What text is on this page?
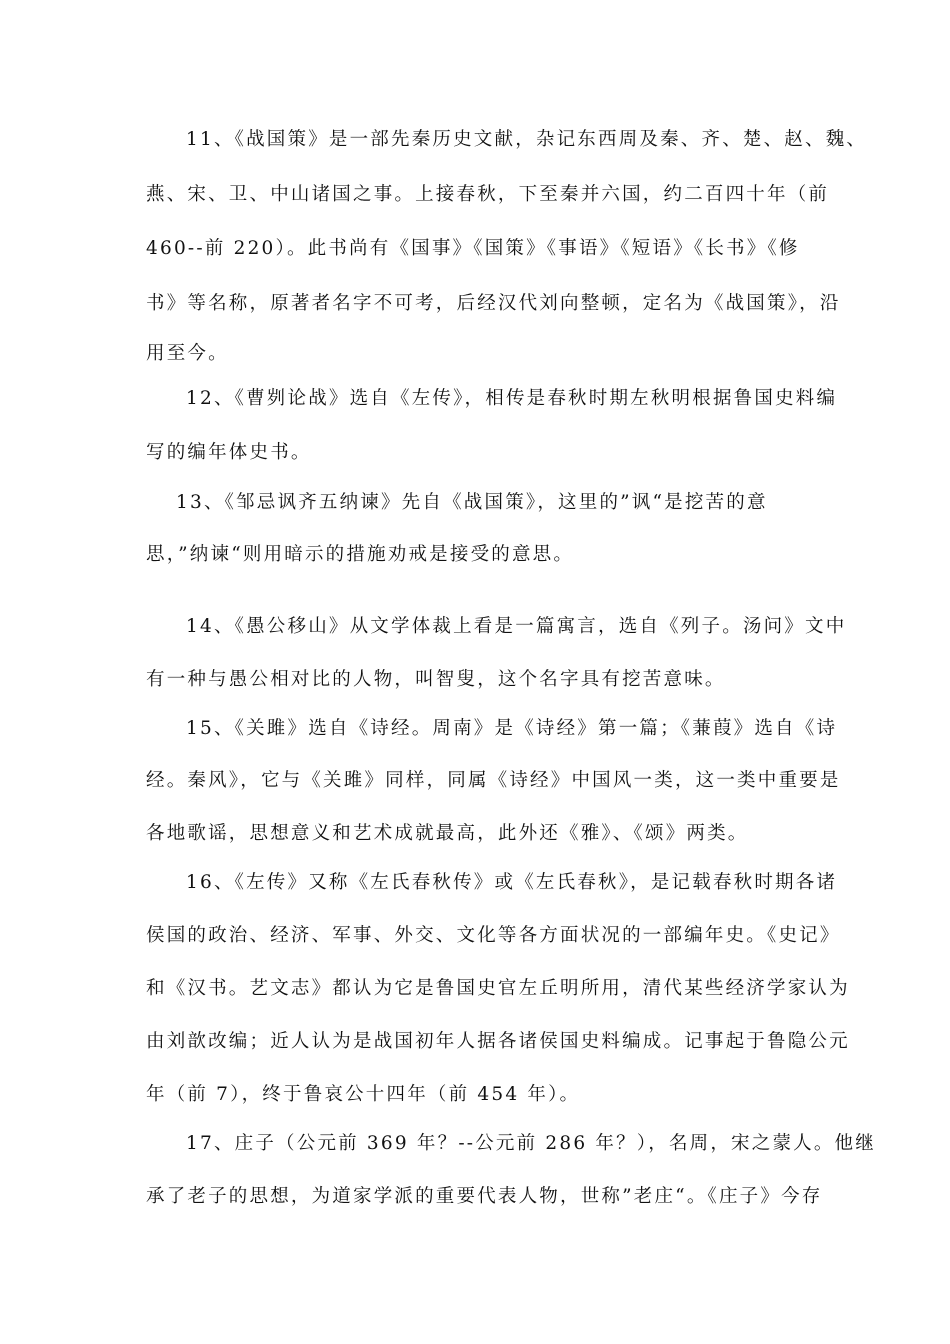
11、《战国策》是一部先秦历史文献，杂记东西周及秦、齐、楚、赵、魏、
燕、宋、卫、中山诸国之事。上接春秋，下至秦并六国，约二百四十年（前
460--前 220）。此书尚有《国事》《国策》《事语》《短语》《长书》《修
书》等名称，原著者名字不可考，后经汉代刘向整顿，定名为《战国策》，沿
用至今。
12、《曹刿论战》选自《左传》，相传是春秋时期左秋明根据鲁国史料编
写的编年体史书。
13、《邹忌讽齐五纳谏》先自《战国策》，这里的”讽“是挖苦的意
思，”纳谏“则用暗示的措施劝戒是接受的意思。
14、《愚公移山》从文学体裁上看是一篇寓言，选自《列子。汤问》文中
有一种与愚公相对比的人物，叫智叟，这个名字具有挖苦意味。
15、《关雎》选自《诗经。周南》是《诗经》第一篇；《蒹葭》选自《诗
经。秦风》，它与《关雎》同样，同属《诗经》中国风一类，这一类中重要是
各地歌谣，思想意义和艺术成就最高，此外还《雅》、《颂》两类。
16、《左传》又称《左氏春秋传》或《左氏春秋》，是记载春秋时期各诸
侯国的政治、经济、军事、外交、文化等各方面状况的一部编年史。《史记》
和《汉书。艺文志》都认为它是鲁国史官左丘明所用，清代某些经济学家认为
由刘歆改编；近人认为是战国初年人据各诸侯国史料编成。记事起于鲁隐公元
年（前 7），终于鲁哀公十四年（前 454 年）。
17、庄子（公元前 369 年？--公元前 286 年？），名周，宋之蒙人。他继
承了老子的思想，为道家学派的重要代表人物，世称”老庄“。《庄子》今存
